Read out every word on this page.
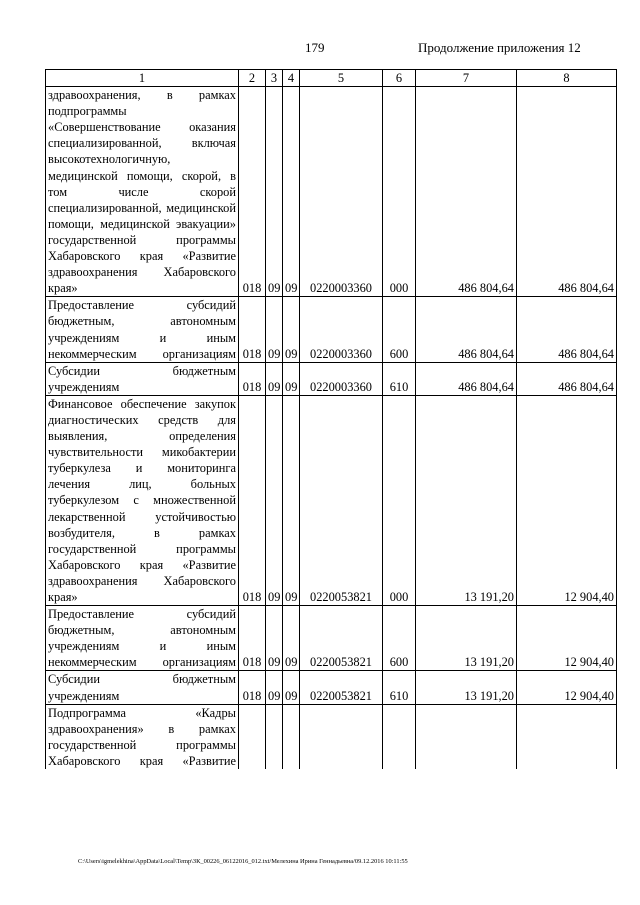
179	Продолжение приложения 12
1	2	3	4	5	6	7	8

здравоохранения, в рамках подпрограммы «Совершенствование оказания специализированной, включая высокотехнологичную, медицинской помощи, скорой, в том числе скорой специализированной, медицинской помощи, медицинской эвакуации» государственной программы Хабаровского края «Развитие здравоохранения Хабаровского края»	018	09	09	0220003360	000	486 804,64	486 804,64

Предоставление субсидий бюджетным, автономным учреждениям и иным некоммерческим организациям	018	09	09	0220003360	600	486 804,64	486 804,64

Субсидии бюджетным учреждениям	018	09	09	0220003360	610	486 804,64	486 804,64

Финансовое обеспечение закупок диагностических средств для выявления, определения чувствительности микобактерии туберкулеза и мониторинга лечения лиц, больных туберкулезом с множественной лекарственной устойчивостью возбудителя, в рамках государственной программы Хабаровского края «Развитие здравоохранения Хабаровского края»	018	09	09	0220053821	000	13 191,20	12 904,40

Предоставление субсидий бюджетным, автономным учреждениям и иным некоммерческим организациям	018	09	09	0220053821	600	13 191,20	12 904,40

Субсидии бюджетным учреждениям	018	09	09	0220053821	610	13 191,20	12 904,40

Подпрограмма «Кадры здравоохранения» в рамках государственной программы Хабаровского края «Развитие							

C:\Users\igmelekhina\AppData\Local\Temp\ЗК_00226_06122016_012.txt/Мелехина Ирина Геннадьевна/09.12.2016 10:11:55
